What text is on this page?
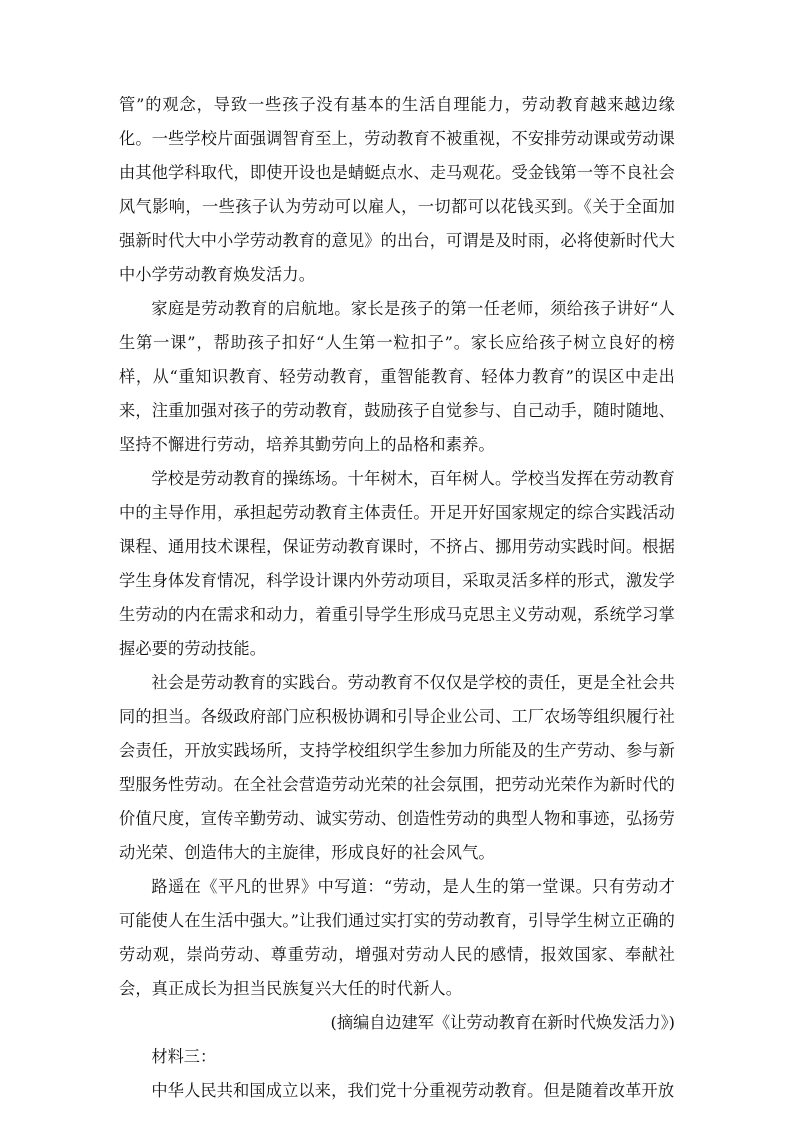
管”的观念，导致一些孩子没有基本的生活自理能力，劳动教育越来越边缘化。一些学校片面强调智育至上，劳动教育不被重视，不安排劳动课或劳动课由其他学科取代，即使开设也是蜻蜓点水、走马观花。受金钱第一等不良社会风气影响，一些孩子认为劳动可以雇人，一切都可以花钱买到。《关于全面加强新时代大中小学劳动教育的意见》的出台，可谓是及时雨，必将使新时代大中小学劳动教育焕发活力。

家庭是劳动教育的启航地。家长是孩子的第一任老师，须给孩子讲好“人生第一课”，帮助孩子扣好“人生第一粒扣子”。家长应给孩子树立良好的榜样，从“重知识教育、轻劳动教育，重智能教育、轻体力教育”的误区中走出来，注重加强对孩子的劳动教育，鼓励孩子自觉参与、自己动手，随时随地、坚持不懈进行劳动，培养其勤劳向上的品格和素养。

学校是劳动教育的操练场。十年树木，百年树人。学校当发挥在劳动教育中的主导作用，承担起劳动教育主体责任。开足开好国家规定的综合实践活动课程、通用技术课程，保证劳动教育课时，不挤占、挪用劳动实践时间。根据学生身体发育情况，科学设计课内外劳动项目，采取灵活多样的形式，激发学生劳动的内在需求和动力，着重引导学生形成马克思主义劳动观，系统学习掌握必要的劳动技能。

社会是劳动教育的实践台。劳动教育不仅仅是学校的责任，更是全社会共同的担当。各级政府部门应积极协调和引导企业公司、工厂农场等组织履行社会责任，开放实践场所，支持学校组织学生参加力所能及的生产劳动、参与新型服务性劳动。在全社会营造劳动光荣的社会氛围，把劳动光荣作为新时代的价值尺度，宣传辛勤劳动、诚实劳动、创造性劳动的典型人物和事迹，弘扬劳动光荣、创造伟大的主旋律，形成良好的社会风气。

路遥在《平凡的世界》中写道：“劳动，是人生的第一堂课。只有劳动才可能使人在生活中强大。”让我们通过实打实的劳动教育，引导学生树立正确的劳动观，崇尚劳动、尊重劳动，增强对劳动人民的感情，报效国家、奉献社会，真正成长为担当民族复兴大任的时代新人。

(摘编自边建军《让劳动教育在新时代焕发活力》)

材料三：

中华人民共和国成立以来，我们党十分重视劳动教育。但是随着改革开放
